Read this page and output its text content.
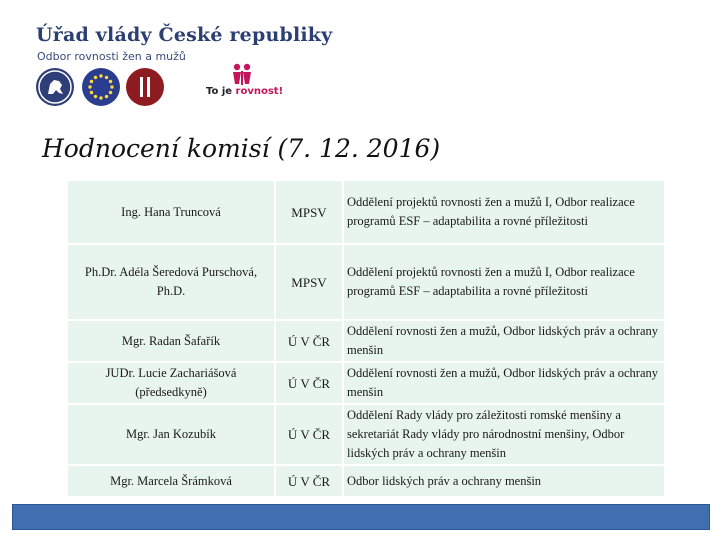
Úřad vlády České republiky
Odbor rovnosti žen a mužů
To je rovnost!
Hodnocení komisí (7. 12. 2016)
Ing. Hana Truncová	MPSV	Oddělení projektů rovnosti žen a mužů I, Odbor realizace programů ESF – adaptabilita a rovné příležitosti
Ph.Dr. Adéla Šeredová Purschová, Ph.D.	MPSV	Oddělení projektů rovnosti žen a mužů I, Odbor realizace programů ESF – adaptabilita a rovné příležitosti
Mgr. Radan Šafařík	Ú V ČR	Oddělení rovnosti žen a mužů, Odbor lidských práv a ochrany menšin
JUDr. Lucie Zachariášová (předsedkyně)	Ú V ČR	Oddělení rovnosti žen a mužů, Odbor lidských práv a ochrany menšin
Mgr. Jan Kozubík	Ú V ČR	Oddělení Rady vlády pro záležitosti romské menšiny a sekretariát Rady vlády pro národnostní menšiny, Odbor lidských práv a ochrany menšin
Mgr. Marcela Šrámková	Ú V ČR	Odbor lidských práv a ochrany menšin
